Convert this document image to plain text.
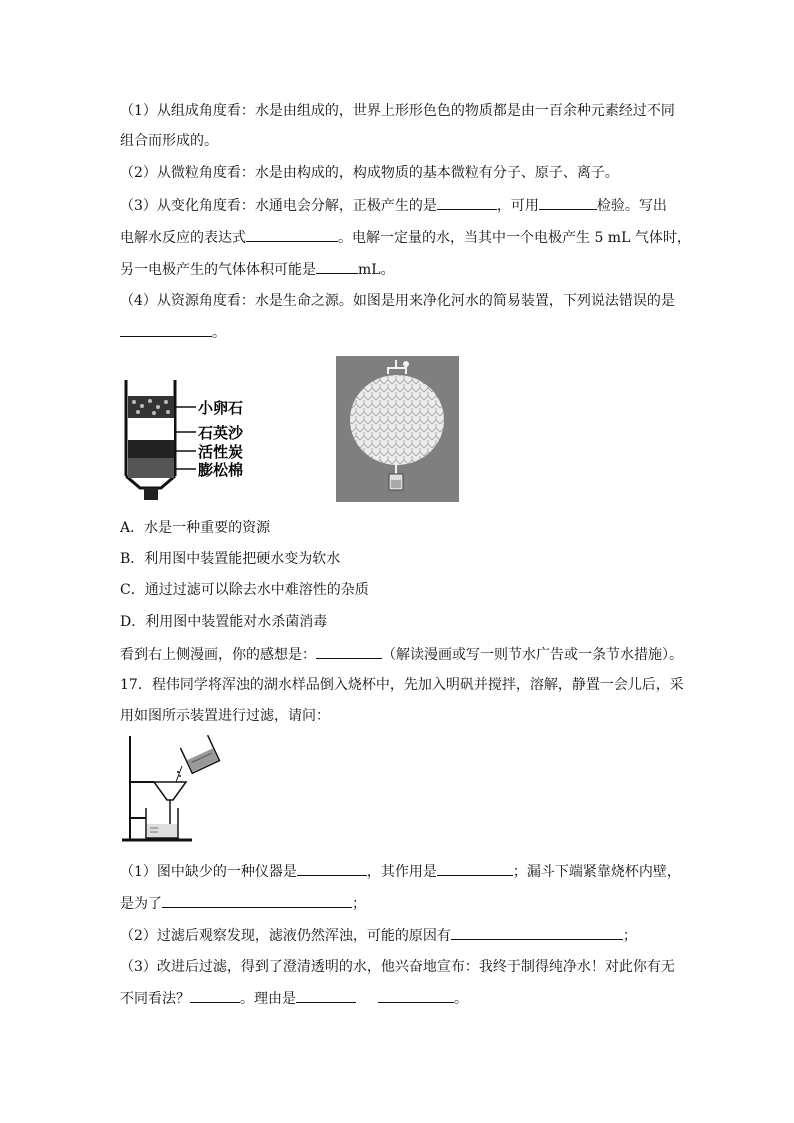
（1）从组成角度看：水是由组成的，世界上形形色色的物质都是由一百余种元素经过不同
组合而形成的。
（2）从微粒角度看：水是由构成的，构成物质的基本微粒有分子、原子、离子。
（3）从变化角度看：水通电会分解，正极产生的是	，可用	检验。写出
电解水反应的表达式	。电解一定量的水，当其中一个电极产生 5 mL 气体时，
另一电极产生的气体体积可能是	mL。
（4）从资源角度看：水是生命之源。如图是用来净化河水的简易装置，下列说法错误的是
。
小卵石
石英沙
活性炭
膨松棉
A．水是一种重要的资源
B．利用图中装置能把硬水变为软水
C．通过过滤可以除去水中难溶性的杂质
D．利用图中装置能对水杀菌消毒
看到右上侧漫画，你的感想是：	（解读漫画或写一则节水广告或一条节水措施）。
17．程伟同学将浑浊的湖水样品倒入烧杯中，先加入明矾并搅拌，溶解，静置一会儿后，采
用如图所示装置进行过滤，请问：
（1）图中缺少的一种仪器是	，其作用是	；漏斗下端紧靠烧杯内壁，
是为了	；
（2）过滤后观察发现，滤液仍然浑浊，可能的原因有	；
（3）改进后过滤，得到了澄清透明的水，他兴奋地宣布：我终于制得纯净水！对此你有无
不同看法？	。理由是	。
